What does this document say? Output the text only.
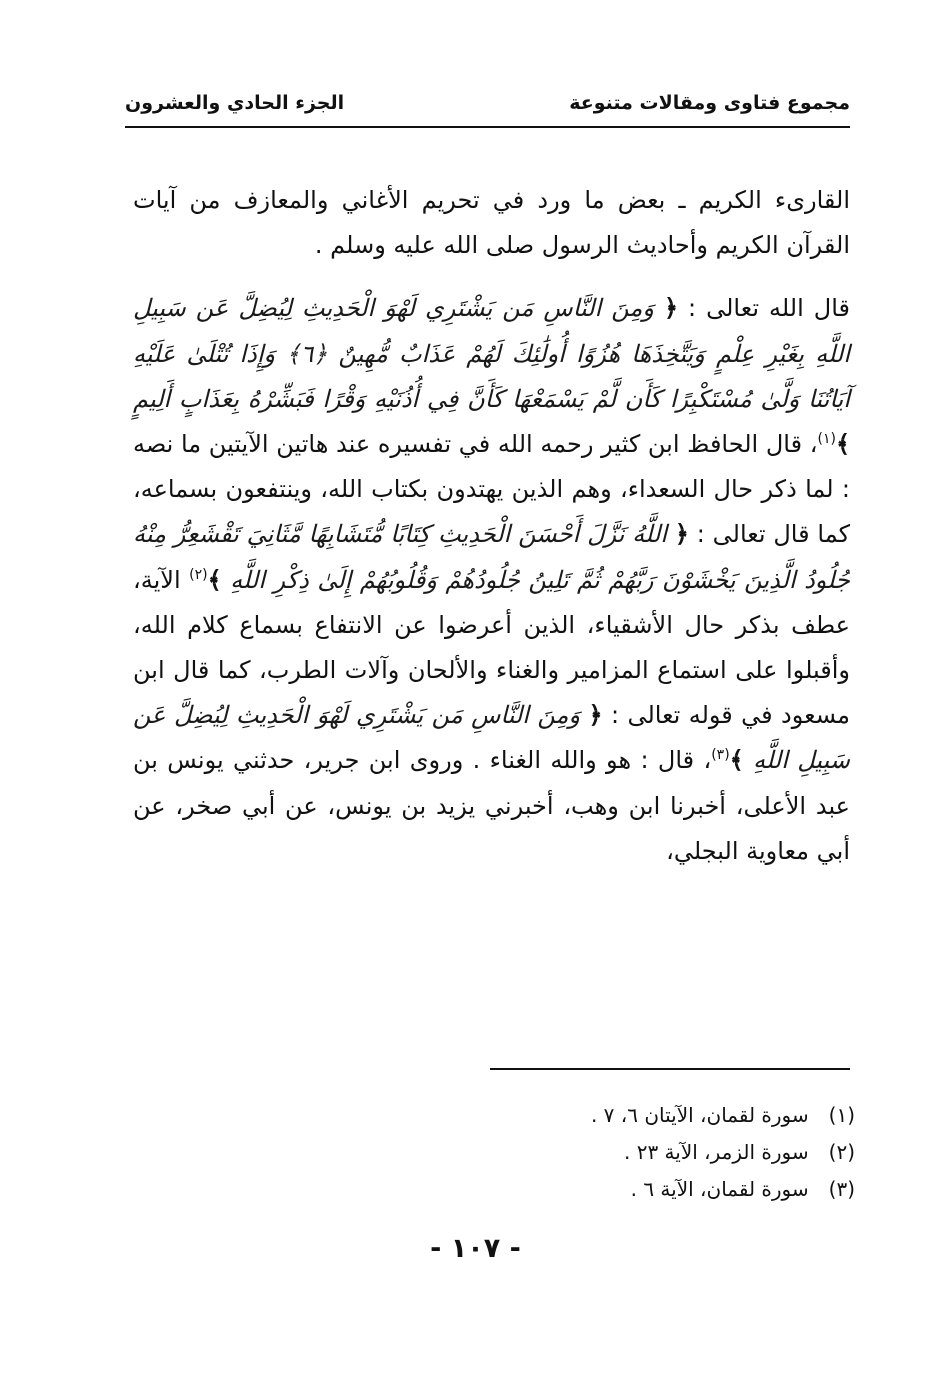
مجموع فتاوى ومقالات متنوعة
الجزء الحادي والعشرون

القارىء الكريم ـ بعض ما ورد في تحريم الأغاني والمعازف من آيات القرآن الكريم وأحاديث الرسول صلى الله عليه وسلم .

قال الله تعالى : ﴿ وَمِنَ النَّاسِ مَن يَشْتَرِي لَهْوَ الْحَدِيثِ لِيُضِلَّ عَن سَبِيلِ اللَّهِ بِغَيْرِ عِلْمٍ وَيَتَّخِذَهَا هُزُوًا أُولَٰئِكَ لَهُمْ عَذَابٌ مُّهِينٌ ﴿٦﴾ وَإِذَا تُتْلَىٰ عَلَيْهِ آيَاتُنَا وَلَّىٰ مُسْتَكْبِرًا كَأَن لَّمْ يَسْمَعْهَا كَأَنَّ فِي أُذُنَيْهِ وَقْرًا فَبَشِّرْهُ بِعَذَابٍ أَلِيمٍ ﴾$^{(١)}$، قال الحافظ ابن كثير رحمه الله في تفسيره عند هاتين الآيتين ما نصه : لما ذكر حال السعداء، وهم الذين يهتدون بكتاب الله، وينتفعون بسماعه، كما قال تعالى : ﴿ اللَّهُ نَزَّلَ أَحْسَنَ الْحَدِيثِ كِتَابًا مُّتَشَابِهًا مَّثَانِيَ تَقْشَعِرُّ مِنْهُ جُلُودُ الَّذِينَ يَخْشَوْنَ رَبَّهُمْ ثُمَّ تَلِينُ جُلُودُهُمْ وَقُلُوبُهُمْ إِلَىٰ ذِكْرِ اللَّهِ ﴾$^{(٢)}$ الآية، عطف بذكر حال الأشقياء، الذين أعرضوا عن الانتفاع بسماع كلام الله، وأقبلوا على استماع المزامير والغناء والألحان وآلات الطرب، كما قال ابن مسعود في قوله تعالى : ﴿ وَمِنَ النَّاسِ مَن يَشْتَرِي لَهْوَ الْحَدِيثِ لِيُضِلَّ عَن سَبِيلِ اللَّهِ ﴾$^{(٣)}$، قال : هو والله الغناء . وروى ابن جرير، حدثني يونس بن عبد الأعلى، أخبرنا ابن وهب، أخبرني يزيد بن يونس، عن أبي صخر، عن أبي معاوية البجلي،

(١) سورة لقمان، الآيتان ٦، ٧ .
(٢) سورة الزمر، الآية ٢٣ .
(٣) سورة لقمان، الآية ٦ .
- ١٠٧ -
